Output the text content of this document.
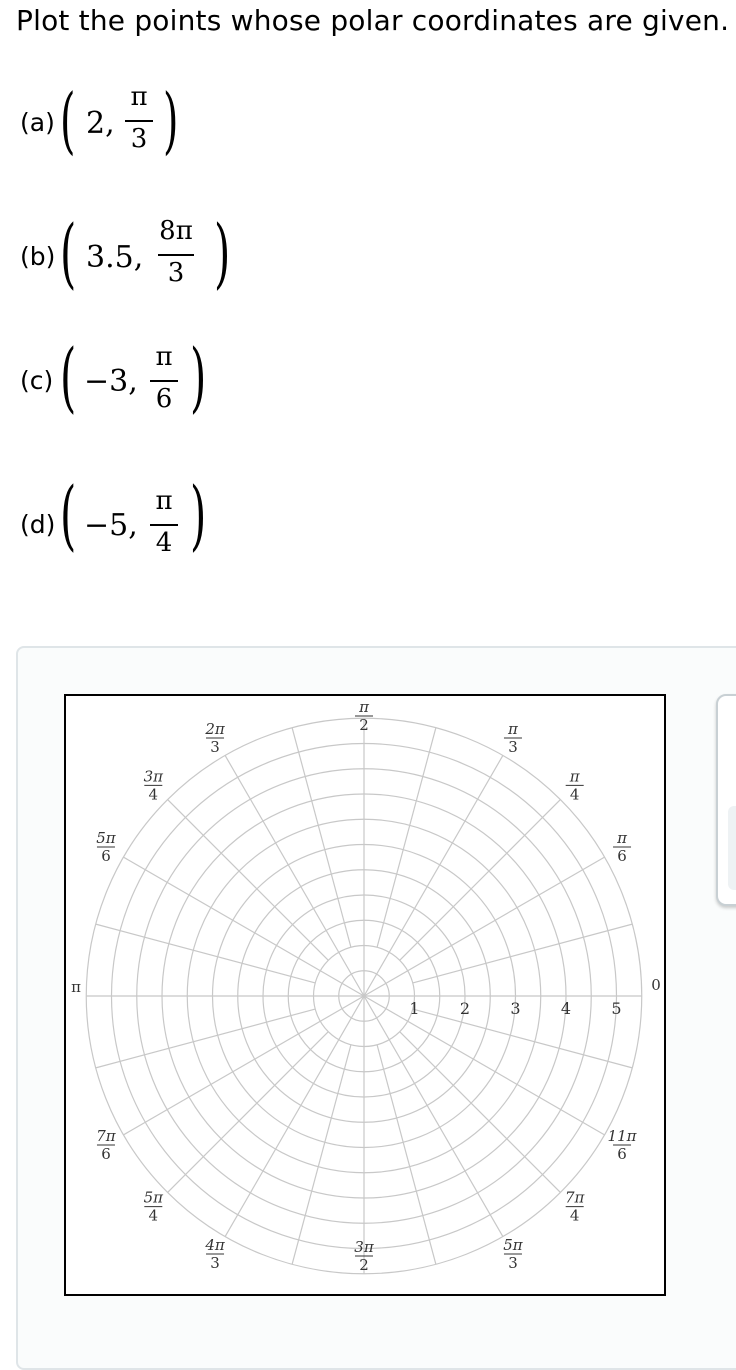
Plot the points whose polar coordinates are given.
(a) ( 2,
π
3 )
(b) ( 3.5,
8π
3 )
(c) ( −3,
π
6 )
(d) ( −5,
π
4 )
1	2	3	4	5
0
π
6
π
4
π
3
π
2
2π
3
3π
4
5π
6
π
7π
6
5π
4
4π
3
3π
2
5π
3
7π
4
11π
6
